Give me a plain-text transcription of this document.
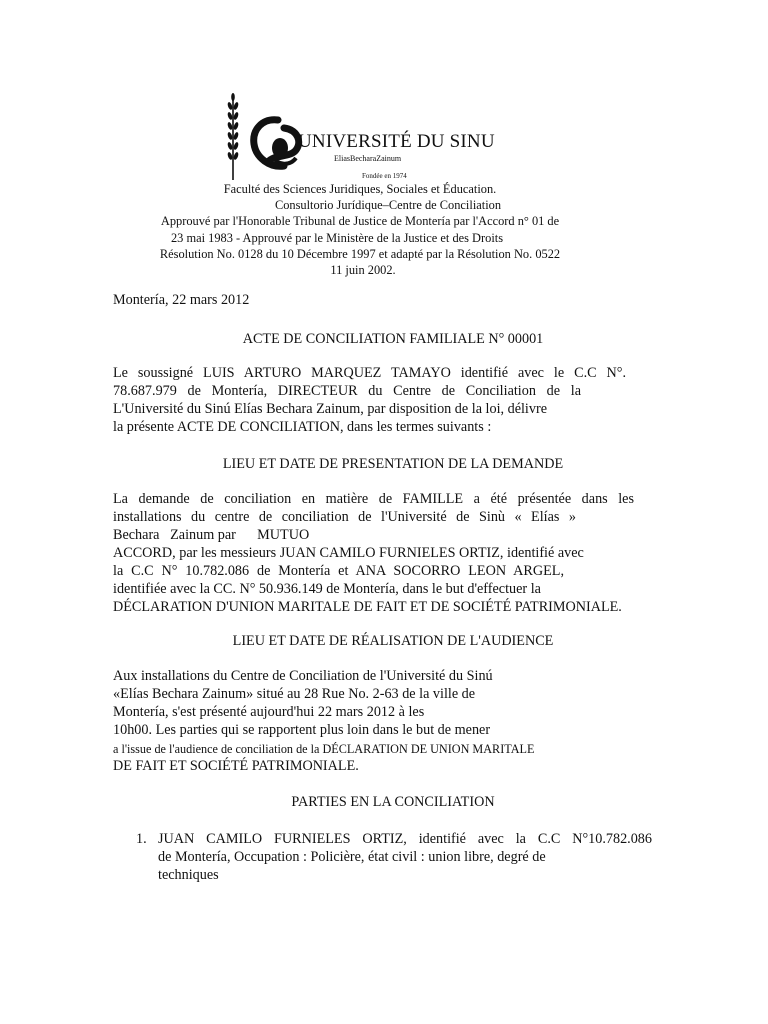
UNIVERSITÉ DU SINU
EliasBecharaZainum
Fondée en 1974
Faculté des Sciences Juridiques, Sociales et Éducation.
Consultorio Jurídique–Centre de Conciliation
Approuvé par l'Honorable Tribunal de Justice de Montería par l'Accord n° 01 de
23 mai 1983 - Approuvé par le Ministère de la Justice et des Droits
Résolution No. 0128 du 10 Décembre 1997 et adapté par la Résolution No. 0522
11 juin 2002.
Montería, 22 mars 2012
ACTE DE CONCILIATION FAMILIALE N° 00001
Le soussigné LUIS ARTURO MARQUEZ TAMAYO identifié avec le C.C N°.
78.687.979 de Montería, DIRECTEUR du Centre de Conciliation de la
L'Université du Sinú Elías Bechara Zainum, par disposition de la loi, délivre
la présente ACTE DE CONCILIATION, dans les termes suivants :
LIEU ET DATE DE PRESENTATION DE LA DEMANDE
La demande de conciliation en matière de FAMILLE a été présentée dans les
installations du centre de conciliation de l'Université de Sinù « Elías »
Bechara   Zainum par      MUTUO
ACCORD, par les messieurs JUAN CAMILO FURNIELES ORTIZ, identifié avec
la C.C N° 10.782.086 de Montería et ANA SOCORRO LEON ARGEL,
identifiée avec la CC. N° 50.936.149 de Montería, dans le but d'effectuer la
DÉCLARATION D'UNION MARITALE DE FAIT ET DE SOCIÉTÉ PATRIMONIALE.
LIEU ET DATE DE RÉALISATION DE L'AUDIENCE
Aux installations du Centre de Conciliation de l'Université du Sinú
«Elías Bechara Zainum» situé au 28 Rue No. 2-63 de la ville de
Montería, s'est présenté aujourd'hui 22 mars 2012 à les
10h00. Les parties qui se rapportent plus loin dans le but de mener
a l'issue de l'audience de conciliation de la DÉCLARATION DE UNION MARITALE
DE FAIT ET SOCIÉTÉ PATRIMONIALE.
PARTIES EN LA CONCILIATION
1. JUAN CAMILO FURNIELES ORTIZ, identifié avec la C.C N°10.782.086
de Montería, Occupation : Policière, état civil : union libre, degré de
techniques
